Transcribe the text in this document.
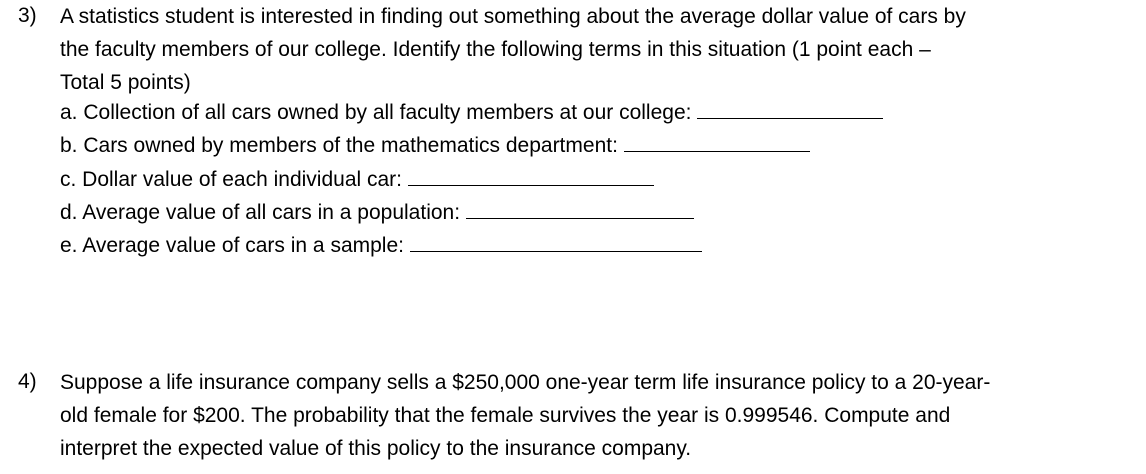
3) A statistics student is interested in finding out something about the average dollar value of cars by
the faculty members of our college. Identify the following terms in this situation (1 point each –
Total 5 points)
a. Collection of all cars owned by all faculty members at our college:
b. Cars owned by members of the mathematics department:
c. Dollar value of each individual car:
d. Average value of all cars in a population:
e. Average value of cars in a sample:
4) Suppose a life insurance company sells a $250,000 one-year term life insurance policy to a 20-year-
old female for $200. The probability that the female survives the year is 0.999546. Compute and
interpret the expected value of this policy to the insurance company.
